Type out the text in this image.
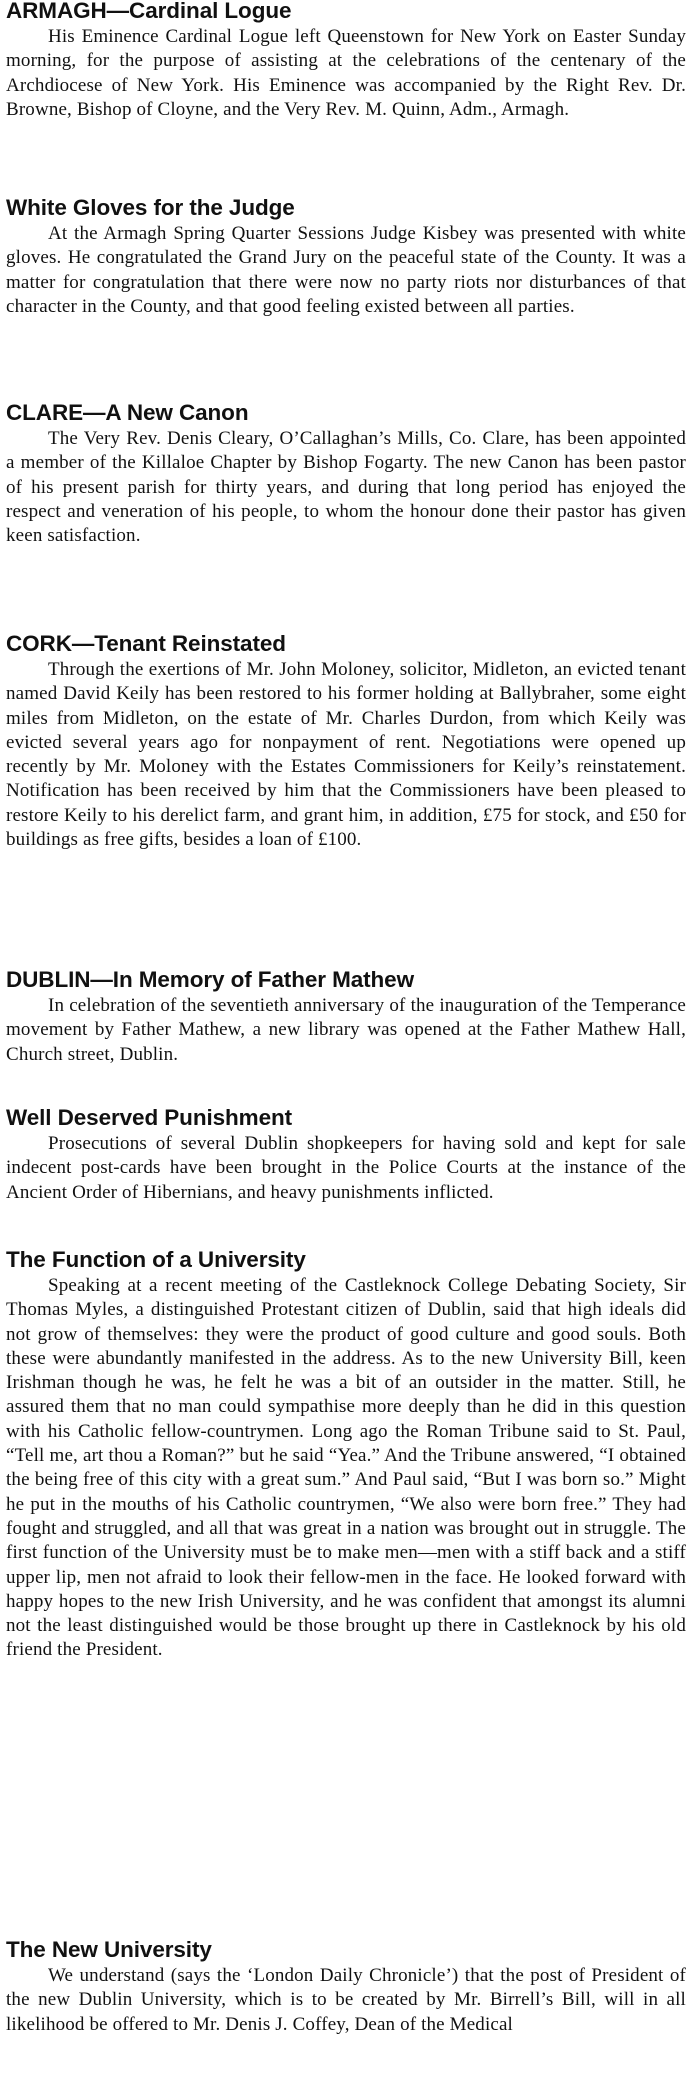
ARMAGH—Cardinal Logue

His Eminence Cardinal Logue left Queenstown for New York on Easter Sunday morning, for the purpose of assisting at the celebrations of the centenary of the Archdiocese of New York. His Eminence was accompanied by the Right Rev. Dr. Browne, Bishop of Cloyne, and the Very Rev. M. Quinn, Adm., Armagh.

White Gloves for the Judge

At the Armagh Spring Quarter Sessions Judge Kisbey was presented with white gloves. He congratulated the Grand Jury on the peaceful state of the County. It was a matter for congratulation that there were now no party riots nor disturbances of that character in the County, and that good feeling existed between all parties.

CLARE—A New Canon

The Very Rev. Denis Cleary, O’Callaghan’s Mills, Co. Clare, has been appointed a member of the Killaloe Chapter by Bishop Fogarty. The new Canon has been pastor of his present parish for thirty years, and during that long period has enjoyed the respect and veneration of his people, to whom the honour done their pastor has given keen satisfaction.

CORK—Tenant Reinstated

Through the exertions of Mr. John Moloney, solicitor, Midleton, an evicted tenant named David Keily has been restored to his former holding at Ballybraher, some eight miles from Midleton, on the estate of Mr. Charles Durdon, from which Keily was evicted several years ago for nonpayment of rent. Negotiations were opened up recently by Mr. Moloney with the Estates Commissioners for Keily’s reinstatement. Notification has been received by him that the Commissioners have been pleased to restore Keily to his derelict farm, and grant him, in addition, £75 for stock, and £50 for buildings as free gifts, besides a loan of £100.

DUBLIN—In Memory of Father Mathew

In celebration of the seventieth anniversary of the inauguration of the Temperance movement by Father Mathew, a new library was opened at the Father Mathew Hall, Church street, Dublin.

Well Deserved Punishment

Prosecutions of several Dublin shopkeepers for having sold and kept for sale indecent post-cards have been brought in the Police Courts at the instance of the Ancient Order of Hibernians, and heavy punishments inflicted.

The Function of a University

Speaking at a recent meeting of the Castleknock College Debating Society, Sir Thomas Myles, a distinguished Protestant citizen of Dublin, said that high ideals did not grow of themselves: they were the product of good culture and good souls. Both these were abundantly manifested in the address. As to the new University Bill, keen Irishman though he was, he felt he was a bit of an outsider in the matter. Still, he assured them that no man could sympathise more deeply than he did in this question with his Catholic fellow-countrymen. Long ago the Roman Tribune said to St. Paul, “Tell me, art thou a Roman?” but he said “Yea.” And the Tribune answered, “I obtained the being free of this city with a great sum.” And Paul said, “But I was born so.” Might he put in the mouths of his Catholic countrymen, “We also were born free.” They had fought and struggled, and all that was great in a nation was brought out in struggle. The first function of the University must be to make men—men with a stiff back and a stiff upper lip, men not afraid to look their fellow-men in the face. He looked forward with happy hopes to the new Irish University, and he was confident that amongst its alumni not the least distinguished would be those brought up there in Castleknock by his old friend the President.

The New University

We understand (says the ‘London Daily Chronicle’) that the post of President of the new Dublin University, which is to be created by Mr. Birrell’s Bill, will in all likelihood be offered to Mr. Denis J. Coffey, Dean of the Medical
